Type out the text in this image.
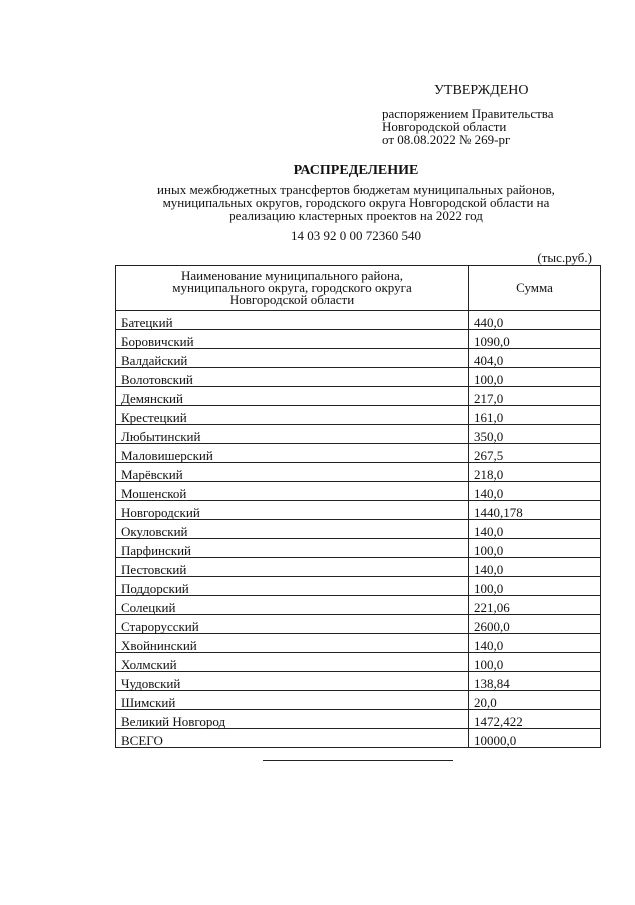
УТВЕРЖДЕНО
распоряжением Правительства
Новгородской области
от 08.08.2022 № 269-рг
РАСПРЕДЕЛЕНИЕ
иных межбюджетных трансфертов бюджетам муниципальных районов,
муниципальных округов, городского округа Новгородской области на
реализацию кластерных проектов на 2022 год
14 03 92 0 00 72360 540
(тыс.руб.)
Наименование муниципального района,
муниципального округа, городского округа
Новгородской области	Сумма
Батецкий	440,0
Боровичский	1090,0
Валдайский	404,0
Волотовский	100,0
Демянский	217,0
Крестецкий	161,0
Любытинский	350,0
Маловишерский	267,5
Марёвский	218,0
Мошенской	140,0
Новгородский	1440,178
Окуловский	140,0
Парфинский	100,0
Пестовский	140,0
Поддорский	100,0
Солецкий	221,06
Старорусский	2600,0
Хвойнинский	140,0
Холмский	100,0
Чудовский	138,84
Шимский	20,0
Великий Новгород	1472,422
ВСЕГО	10000,0
